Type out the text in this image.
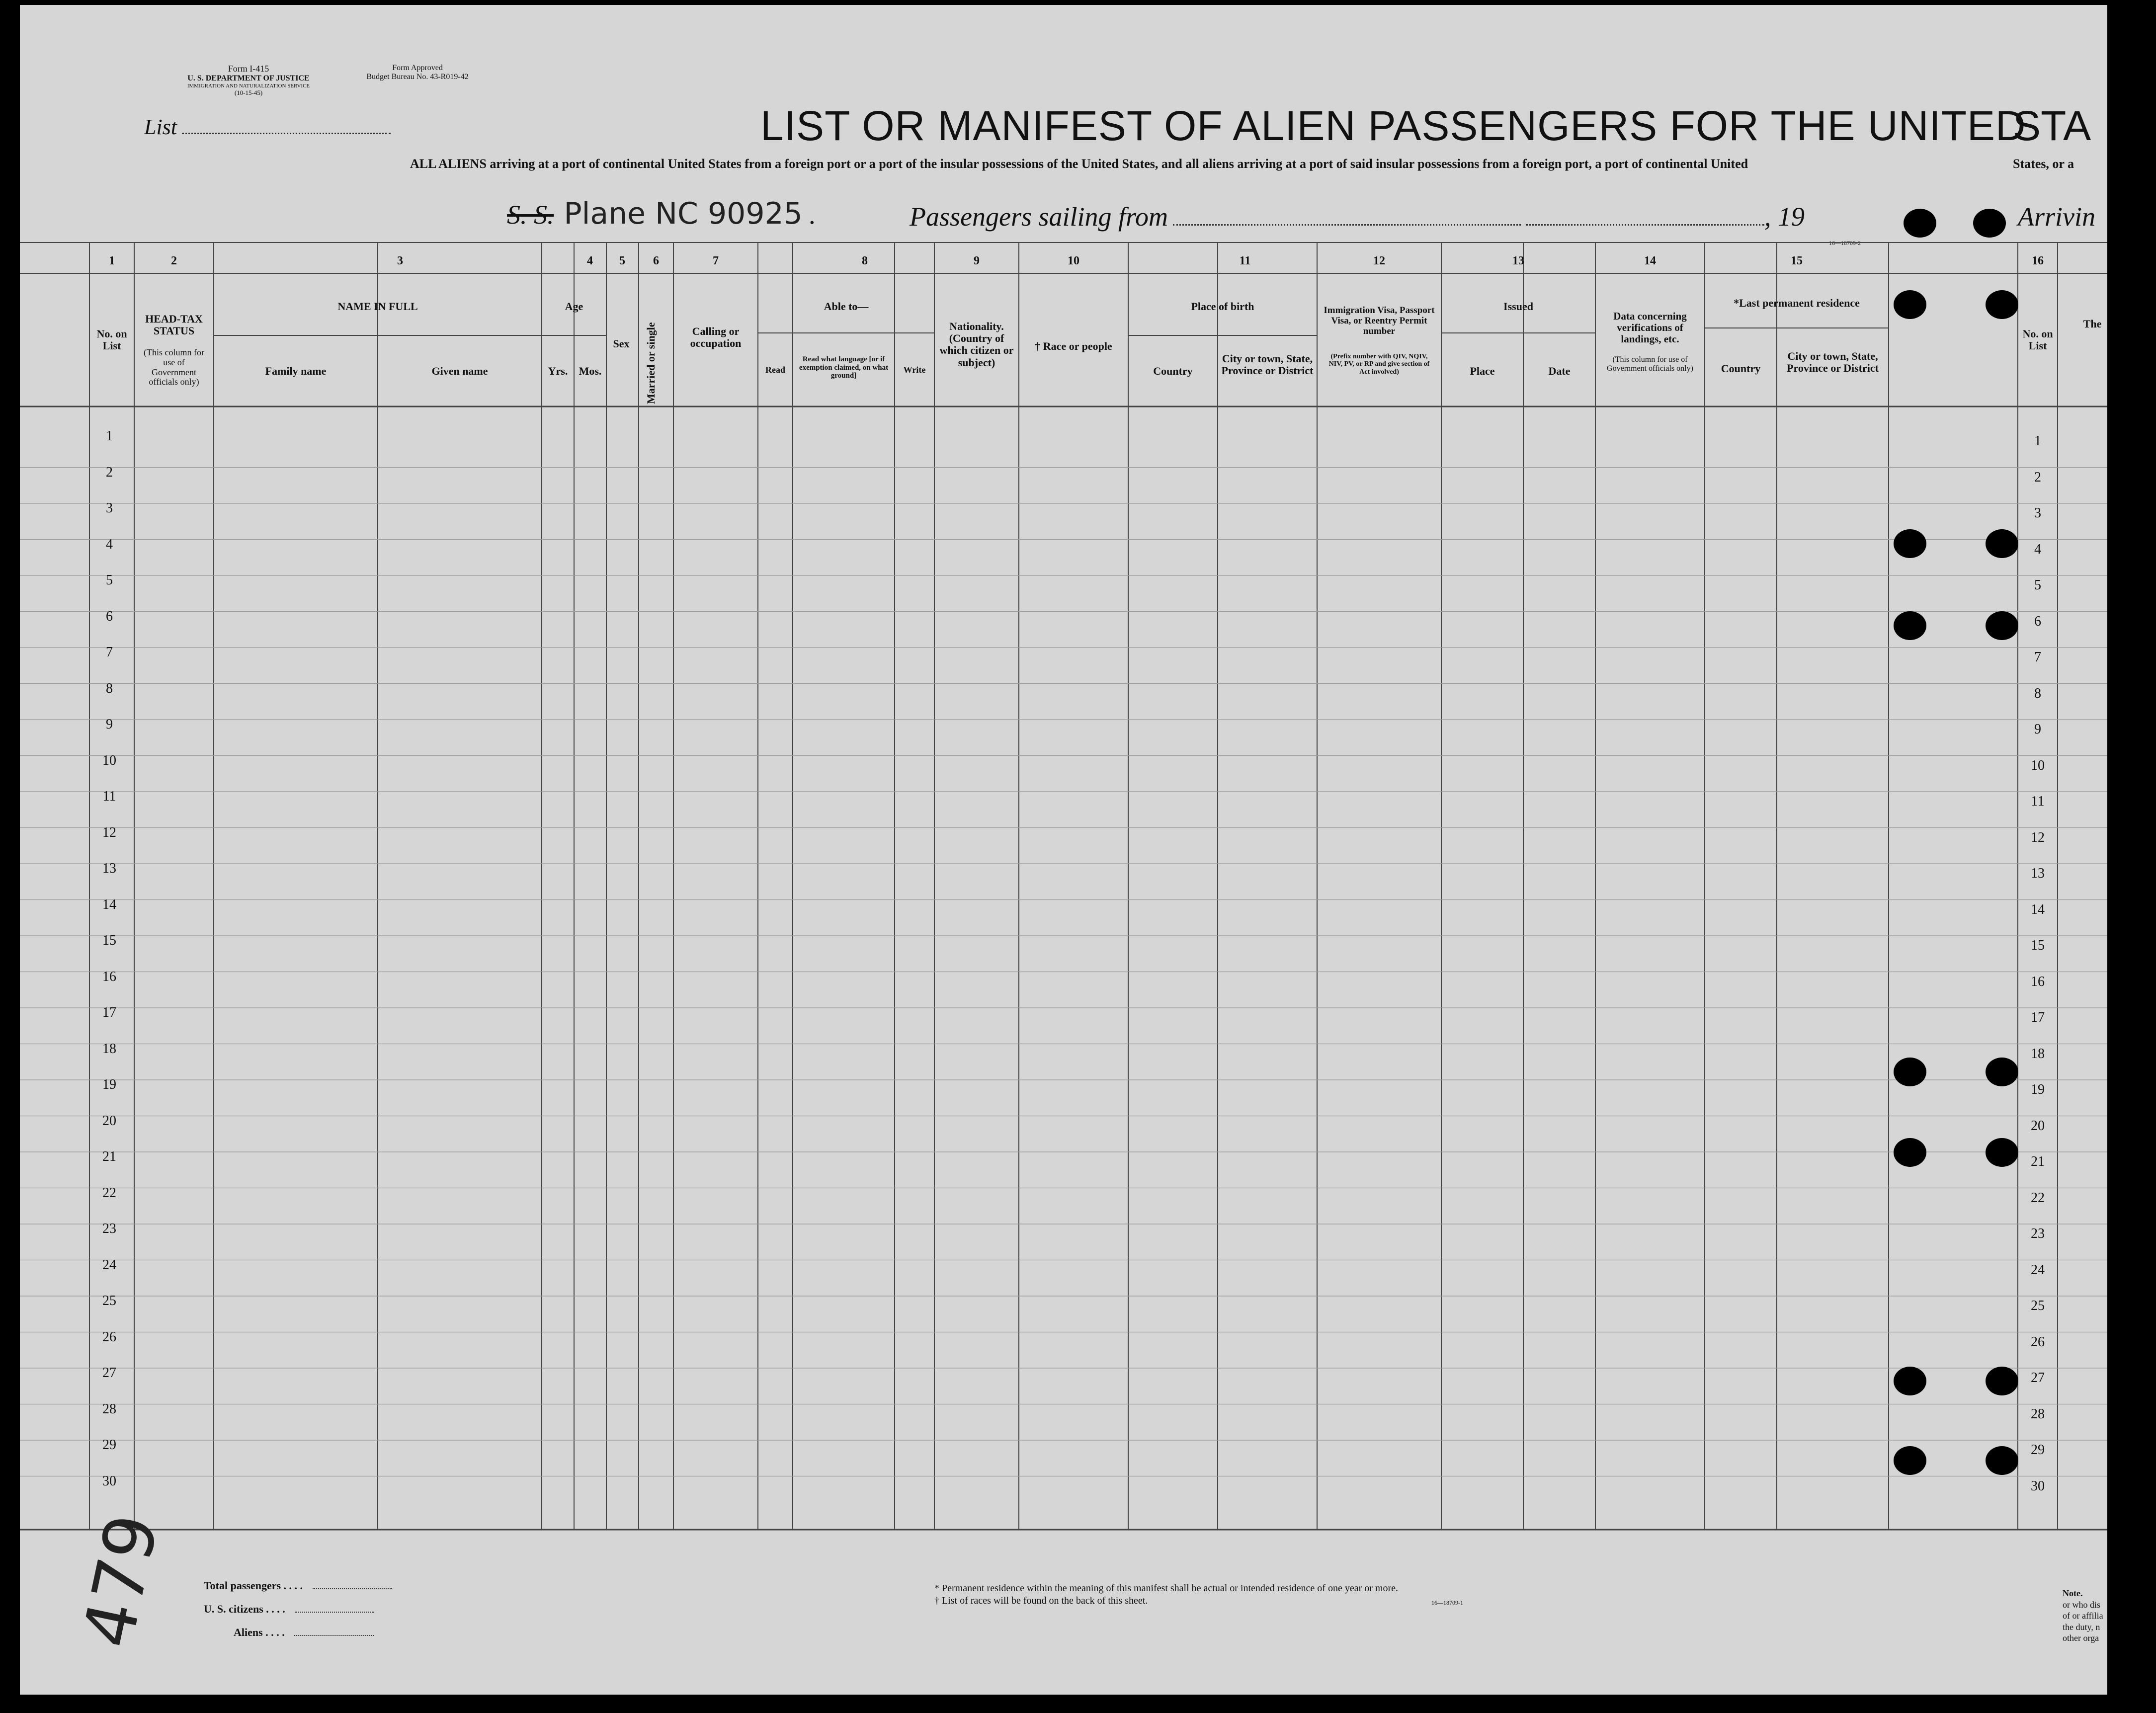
Form I-415
U. S. DEPARTMENT OF JUSTICE
IMMIGRATION AND NATURALIZATION SERVICE
(10-15-45)
Form Approved
Budget Bureau No. 43-R019-42
List	LIST OR MANIFEST OF ALIEN PASSENGERS FOR THE UNITED
STA
ALL ALIENS arriving at a port of continental United States from a foreign port or a port of the insular possessions of the United States, and all aliens arriving at a port of said insular possessions from a foreign port, a port of continental United	States, or a
S. S. Plane NC 90925 .	Passengers sailing from	, 19	Arrivin
16—18709-2
1	2	3	4	5	6	7	8	9	10	11	12	13	14	15	16
No. on List
HEAD-TAX STATUS
(This column for use of Government officials only)
NAME IN FULL
Family name	Given name
Age
Yrs.	Mos.
Sex	Married or single	Calling or occupation
Able to—
Read
Read what language [or if exemption claimed, on what ground]
Write
Nationality. (Country of which citizen or subject)
† Race or people
Place of birth
Country
City or town, State, Province or District
Immigration Visa, Passport Visa, or Reentry Permit number
(Prefix number with QIV, NQIV, NIV, PV, or RP and give section of Act involved)
Issued
Place	Date
Data concerning verifications of landings, etc.
(This column for use of Government officials only)
*Last permanent residence
Country
City or town, State, Province or District
No. on List
The
1	1
2	2
3	3
4	4
5	5
6	6
7	7
8	8
9	9
10	10
11	11
12	12
13	13
14	14
15	15
16	16
17	17
18	18
19	19
20	20
21	21
22	22
23	23
24	24
25	25
26	26
27	27
28	28
29	29
30	30
Total passengers . . . .
U. S. citizens . . . .
Aliens . . . .
* Permanent residence within the meaning of this manifest shall be actual or intended residence of one year or more.
† List of races will be found on the back of this sheet.	16—18709-1
Note.
or who dis
of or affilia
the duty, n
other orga
479
